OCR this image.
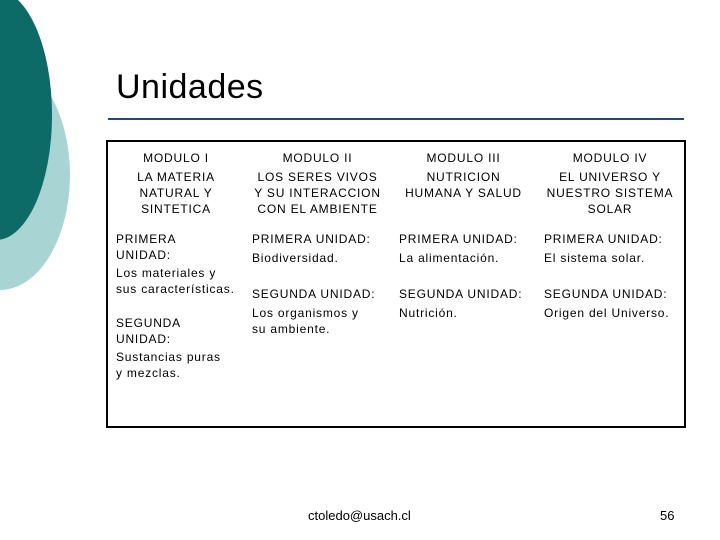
Unidades
MODULO I
LA MATERIA
NATURAL Y
SINTETICA
MODULO II
LOS SERES VIVOS
Y SU INTERACCION
CON EL AMBIENTE
MODULO III
NUTRICION
HUMANA Y SALUD
MODULO IV
EL UNIVERSO Y
NUESTRO SISTEMA
SOLAR
PRIMERA
UNIDAD:
Los materiales y
sus características.
SEGUNDA
UNIDAD:
Sustancias puras
y mezclas.
PRIMERA UNIDAD:
Biodiversidad.
SEGUNDA UNIDAD:
Los organismos y
su ambiente.
PRIMERA UNIDAD:
La alimentación.
SEGUNDA UNIDAD:
Nutrición.
PRIMERA UNIDAD:
El sistema solar.
SEGUNDA UNIDAD:
Origen del Universo.
ctoledo@usach.cl	56
